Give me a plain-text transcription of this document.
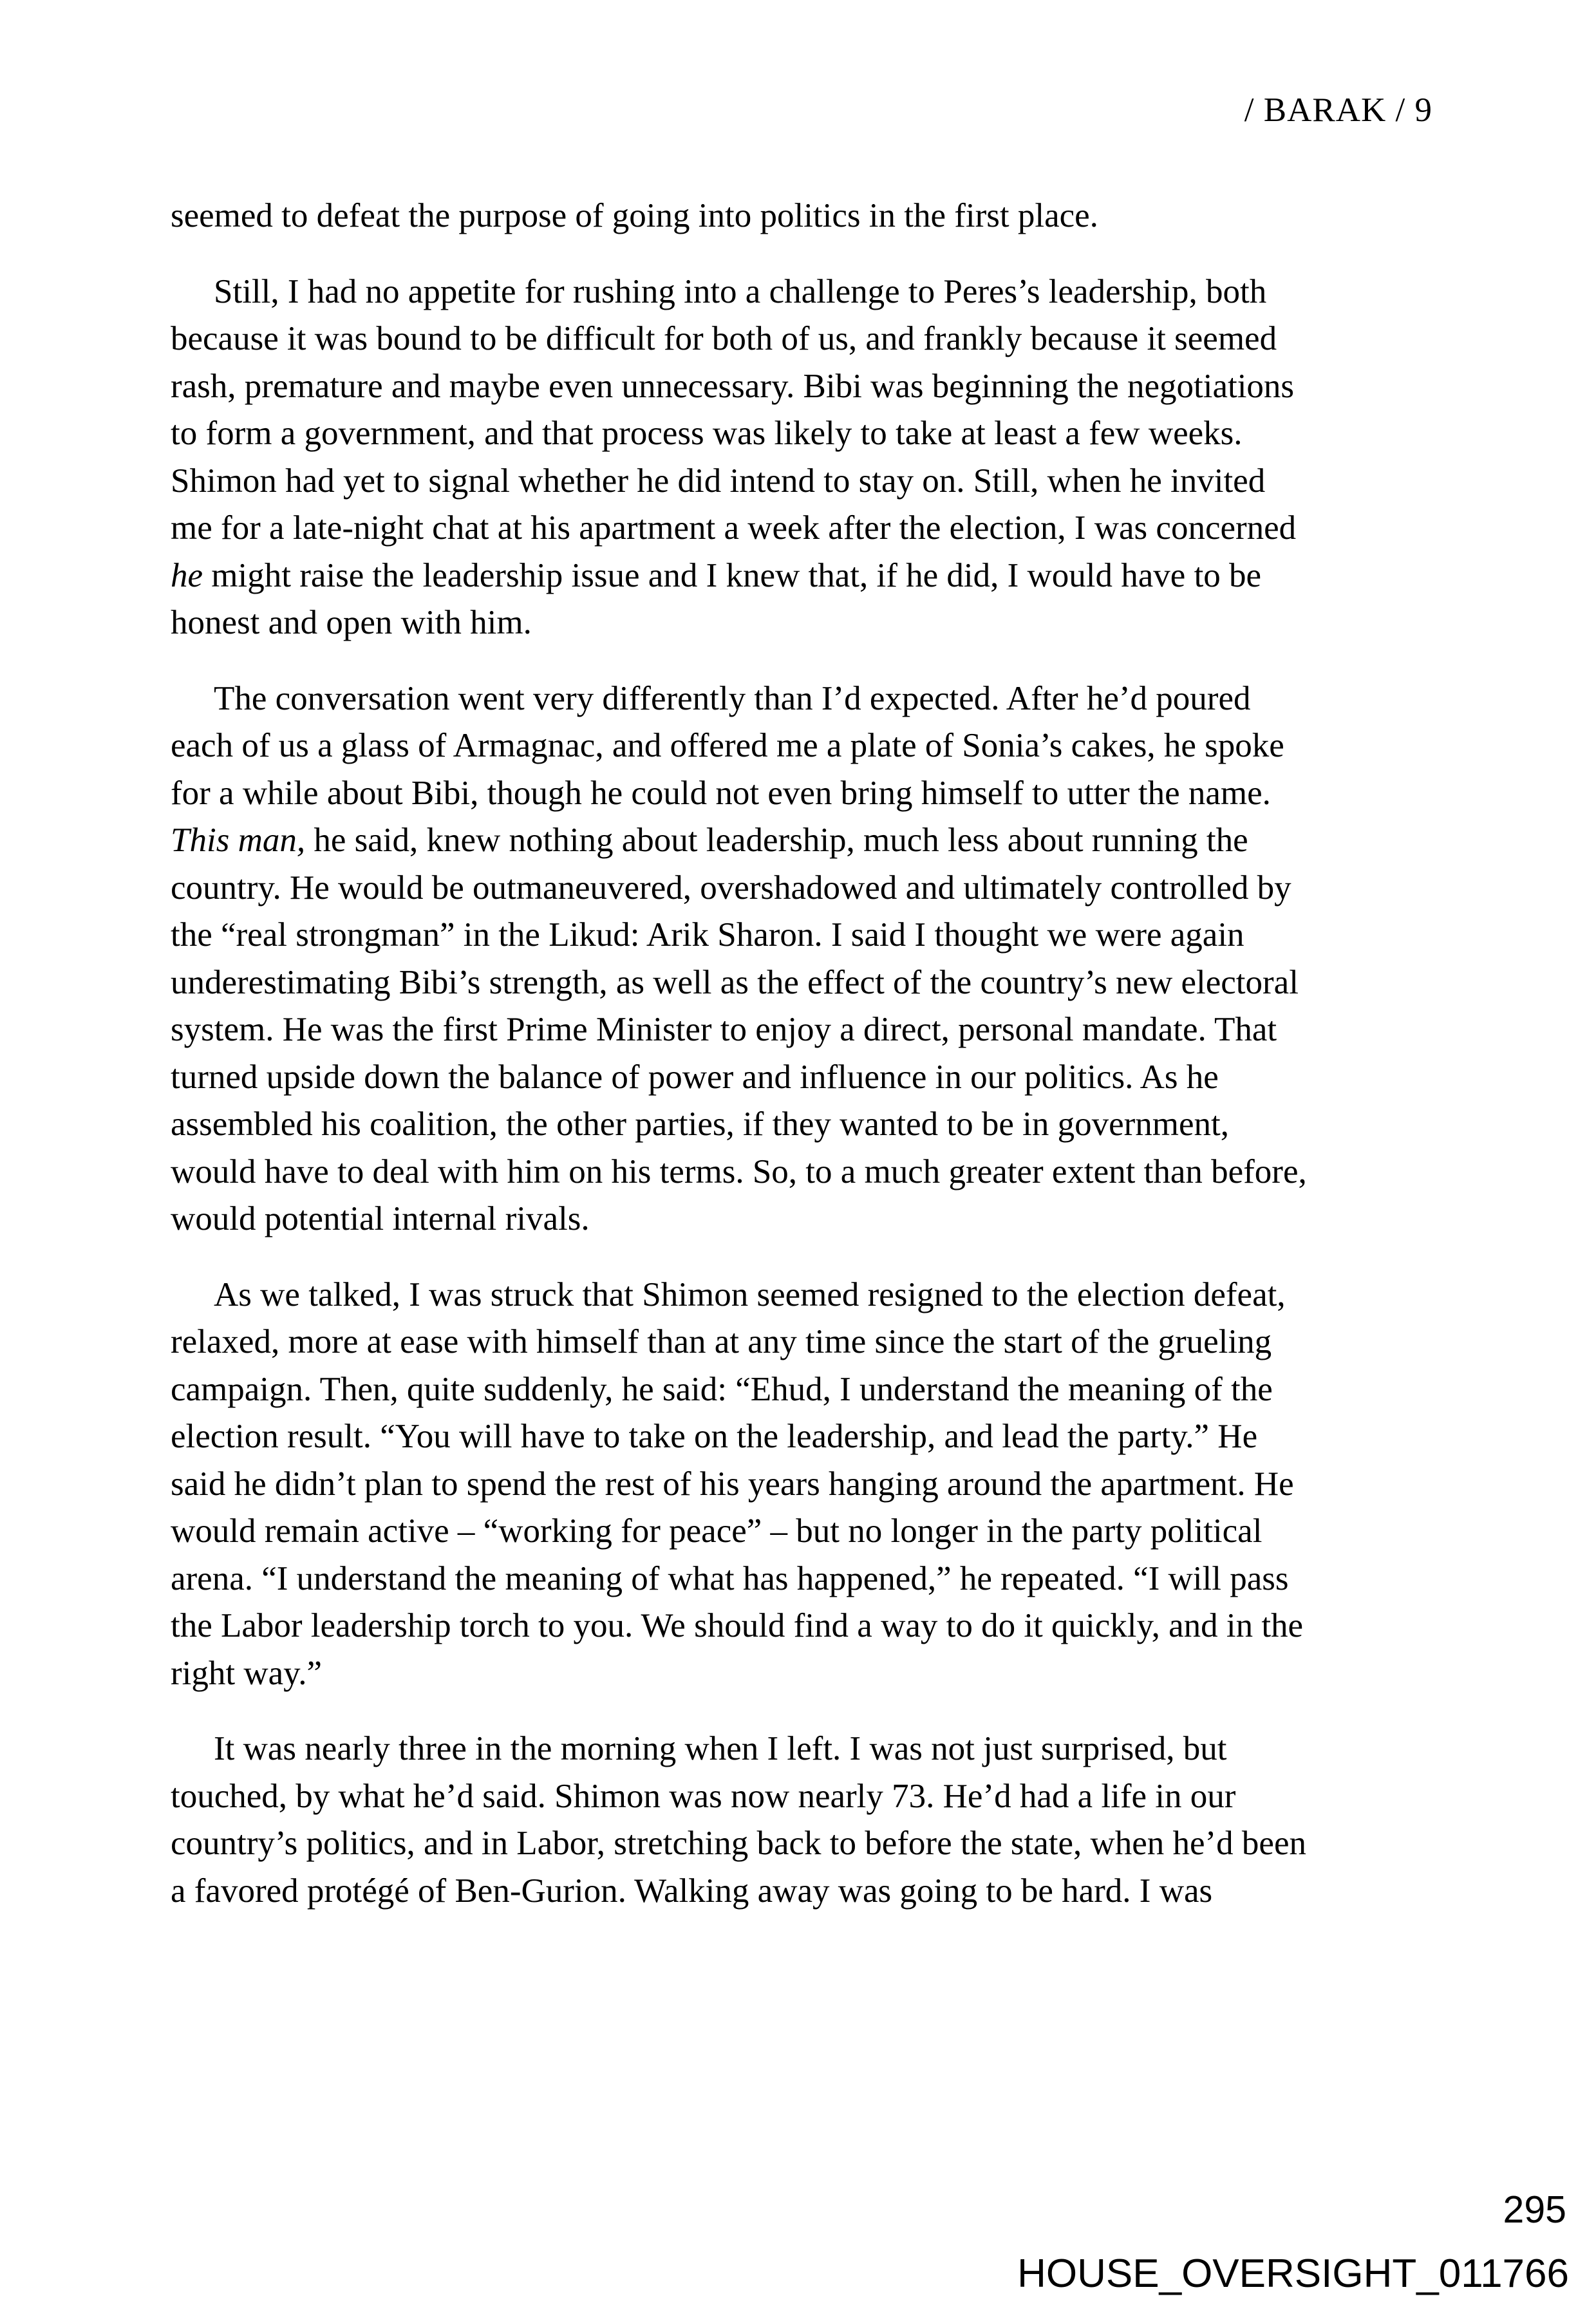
/ BARAK / 9

seemed to defeat the purpose of going into politics in the first place.

Still, I had no appetite for rushing into a challenge to Peres’s leadership, both
because it was bound to be difficult for both of us, and frankly because it seemed
rash, premature and maybe even unnecessary. Bibi was beginning the negotiations
to form a government, and that process was likely to take at least a few weeks.
Shimon had yet to signal whether he did intend to stay on. Still, when he invited
me for a late-night chat at his apartment a week after the election, I was concerned
he might raise the leadership issue and I knew that, if he did, I would have to be
honest and open with him.

The conversation went very differently than I’d expected. After he’d poured
each of us a glass of Armagnac, and offered me a plate of Sonia’s cakes, he spoke
for a while about Bibi, though he could not even bring himself to utter the name.
This man, he said, knew nothing about leadership, much less about running the
country. He would be outmaneuvered, overshadowed and ultimately controlled by
the “real strongman” in the Likud: Arik Sharon. I said I thought we were again
underestimating Bibi’s strength, as well as the effect of the country’s new electoral
system. He was the first Prime Minister to enjoy a direct, personal mandate. That
turned upside down the balance of power and influence in our politics. As he
assembled his coalition, the other parties, if they wanted to be in government,
would have to deal with him on his terms. So, to a much greater extent than before,
would potential internal rivals.

As we talked, I was struck that Shimon seemed resigned to the election defeat,
relaxed, more at ease with himself than at any time since the start of the grueling
campaign. Then, quite suddenly, he said: “Ehud, I understand the meaning of the
election result. “You will have to take on the leadership, and lead the party.” He
said he didn’t plan to spend the rest of his years hanging around the apartment. He
would remain active – “working for peace” – but no longer in the party political
arena. “I understand the meaning of what has happened,” he repeated. “I will pass
the Labor leadership torch to you. We should find a way to do it quickly, and in the
right way.”

It was nearly three in the morning when I left. I was not just surprised, but
touched, by what he’d said. Shimon was now nearly 73. He’d had a life in our
country’s politics, and in Labor, stretching back to before the state, when he’d been
a favored protégé of Ben-Gurion. Walking away was going to be hard. I was

295
HOUSE_OVERSIGHT_011766
